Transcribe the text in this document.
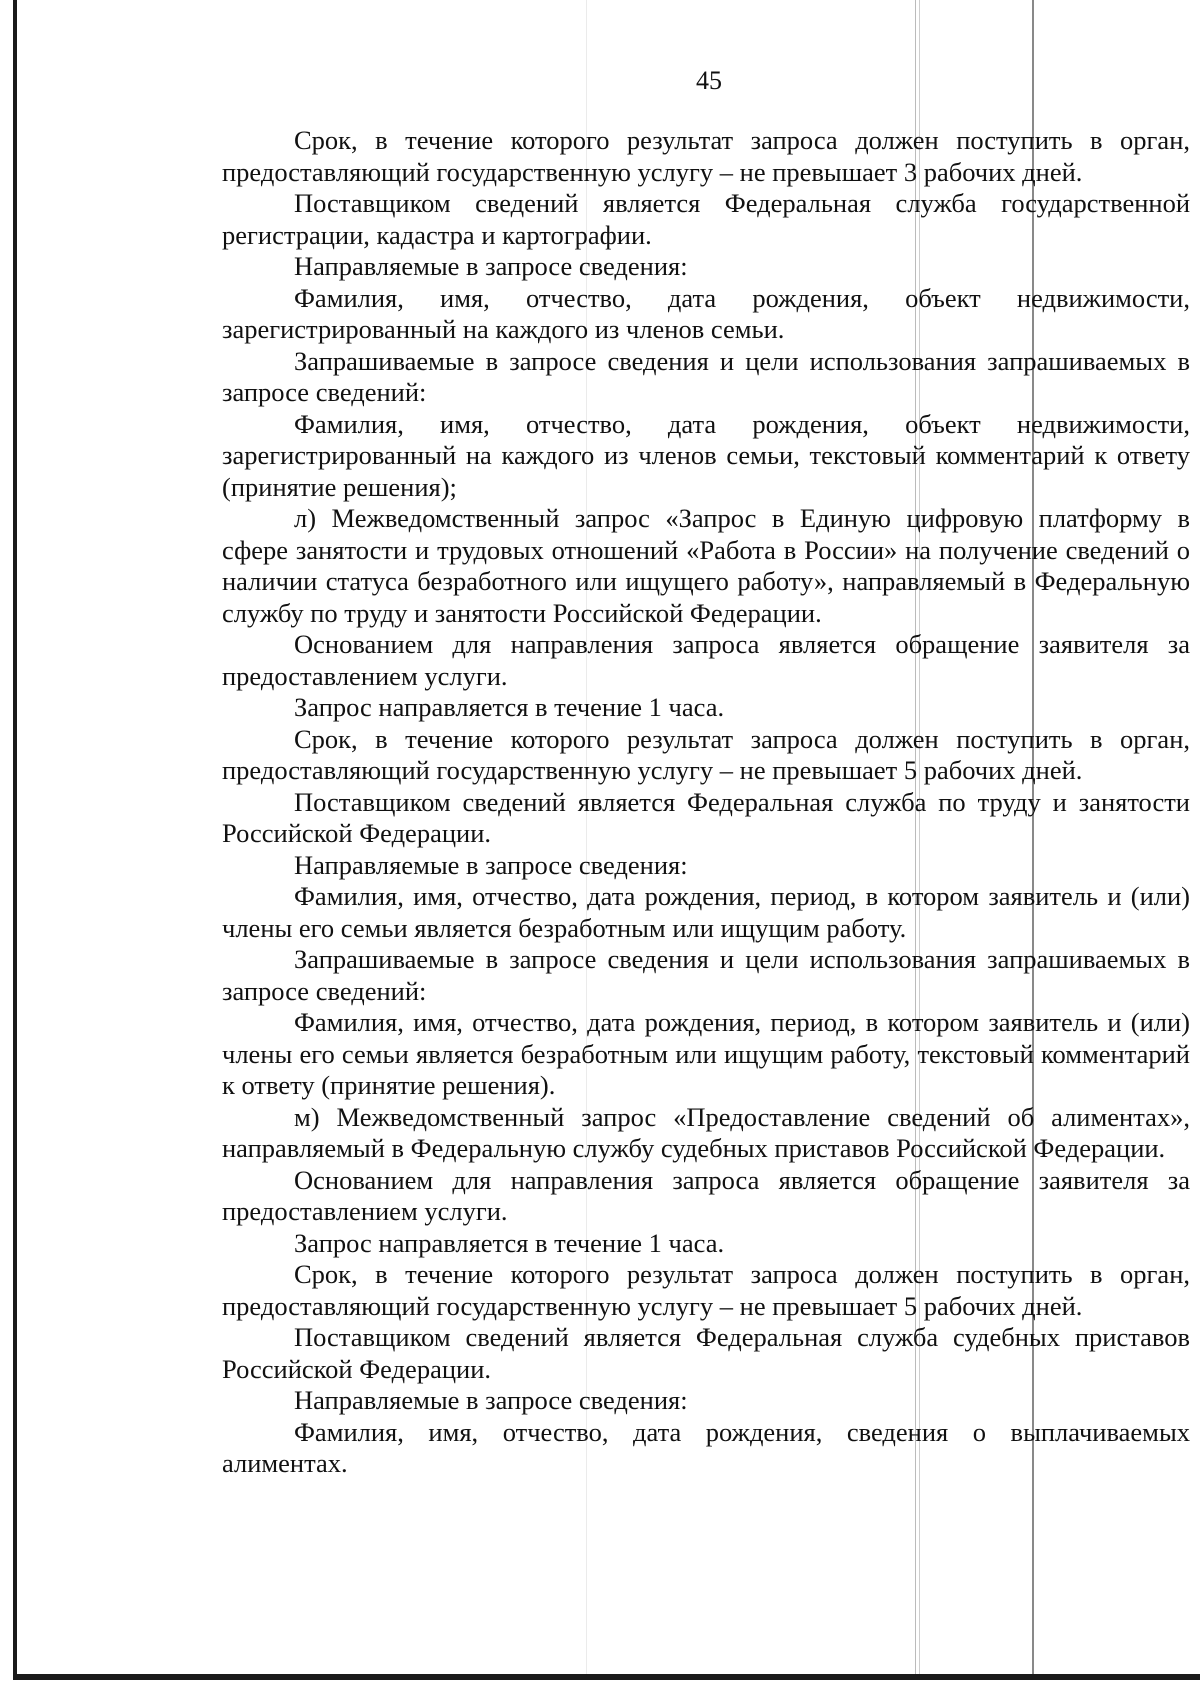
45

Срок, в течение которого результат запроса должен поступить в орган, предоставляющий государственную услугу – не превышает 3 рабочих дней.

Поставщиком сведений является Федеральная служба государственной регистрации, кадастра и картографии.

Направляемые в запросе сведения:

Фамилия, имя, отчество, дата рождения, объект недвижимости, зарегистрированный на каждого из членов семьи.

Запрашиваемые в запросе сведения и цели использования запрашиваемых в запросе сведений:

Фамилия, имя, отчество, дата рождения, объект недвижимости, зарегистрированный на каждого из членов семьи, текстовый комментарий к ответу (принятие решения);

л) Межведомственный запрос «Запрос в Единую цифровую платформу в сфере занятости и трудовых отношений «Работа в России» на получение сведений о наличии статуса безработного или ищущего работу», направляемый в Федеральную службу по труду и занятости Российской Федерации.

Основанием для направления запроса является обращение заявителя за предоставлением услуги.

Запрос направляется в течение 1 часа.

Срок, в течение которого результат запроса должен поступить в орган, предоставляющий государственную услугу – не превышает 5 рабочих дней.

Поставщиком сведений является Федеральная служба по труду и занятости Российской Федерации.

Направляемые в запросе сведения:

Фамилия, имя, отчество, дата рождения, период, в котором заявитель и (или) члены его семьи является безработным или ищущим работу.

Запрашиваемые в запросе сведения и цели использования запрашиваемых в запросе сведений:

Фамилия, имя, отчество, дата рождения, период, в котором заявитель и (или) члены его семьи является безработным или ищущим работу, текстовый комментарий к ответу (принятие решения).

м) Межведомственный запрос «Предоставление сведений об алиментах», направляемый в Федеральную службу судебных приставов Российской Федерации.

Основанием для направления запроса является обращение заявителя за предоставлением услуги.

Запрос направляется в течение 1 часа.

Срок, в течение которого результат запроса должен поступить в орган, предоставляющий государственную услугу – не превышает 5 рабочих дней.

Поставщиком сведений является Федеральная служба судебных приставов Российской Федерации.

Направляемые в запросе сведения:

Фамилия, имя, отчество, дата рождения, сведения о выплачиваемых алиментах.
